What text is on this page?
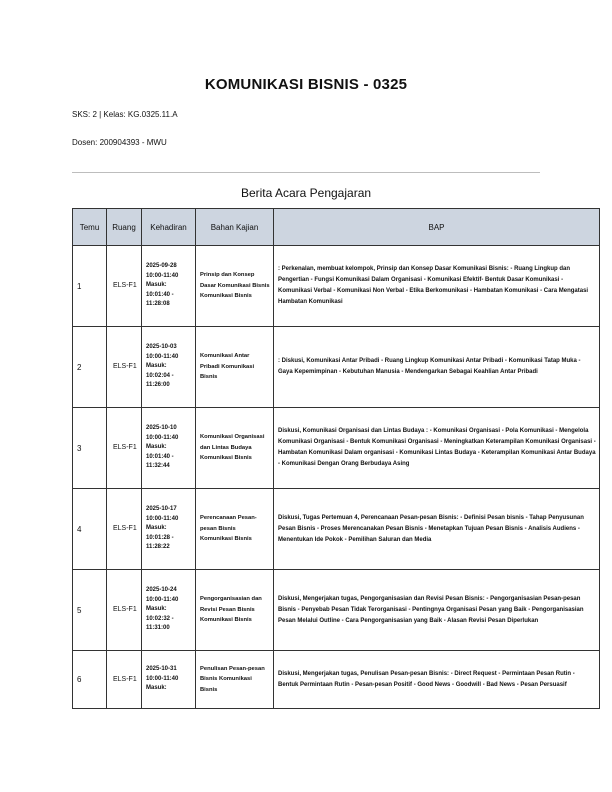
KOMUNIKASI BISNIS - 0325
SKS: 2 | Kelas: KG.0325.11.A
Dosen: 200904393 - MWU
Berita Acara Pengajaran
Temu	Ruang	Kehadiran	Bahan Kajian	BAP
1	ELS-F1	2025-09-28 10:00-11:40 Masuk: 10:01:40 - 11:28:08	Prinsip dan Konsep Dasar Komunikasi Bisnis Komunikasi Bisnis	: Perkenalan, membuat kelompok, Prinsip dan Konsep Dasar Komunikasi Bisnis: - Ruang Lingkup dan Pengertian - Fungsi Komunikasi Dalam Organisasi - Komunikasi Efektif- Bentuk Dasar Komunikasi - Komunikasi Verbal - Komunikasi Non Verbal - Etika Berkomunikasi - Hambatan Komunikasi - Cara Mengatasi Hambatan Komunikasi
2	ELS-F1	2025-10-03 10:00-11:40 Masuk: 10:02:04 - 11:26:00	Komunikasi Antar Pribadi Komunikasi Bisnis	: Diskusi, Komunikasi Antar Pribadi - Ruang Lingkup Komunikasi Antar Pribadi - Komunikasi Tatap Muka - Gaya Kepemimpinan - Kebutuhan Manusia - Mendengarkan Sebagai Keahlian Antar Pribadi
3	ELS-F1	2025-10-10 10:00-11:40 Masuk: 10:01:40 - 11:32:44	Komunikasi Organisasi dan Lintas Budaya Komunikasi Bisnis	Diskusi, Komunikasi Organisasi dan Lintas Budaya : - Komunikasi Organisasi - Pola Komunikasi - Mengelola Komunikasi Organisasi - Bentuk Komunikasi Organisasi - Meningkatkan Keterampilan Komunikasi Organisasi - Hambatan Komunikasi Dalam organisasi - Komunikasi Lintas Budaya - Keterampilan Komunikasi Antar Budaya - Komunikasi Dengan Orang Berbudaya Asing
4	ELS-F1	2025-10-17 10:00-11:40 Masuk: 10:01:28 - 11:28:22	Perencanaan Pesan-pesan Bisnis Komunikasi Bisnis	Diskusi, Tugas Pertemuan 4, Perencanaan Pesan-pesan Bisnis: - Definisi Pesan bisnis - Tahap Penyusunan Pesan Bisnis - Proses Merencanakan Pesan Bisnis - Menetapkan Tujuan Pesan Bisnis - Analisis Audiens - Menentukan Ide Pokok - Pemilihan Saluran dan Media
5	ELS-F1	2025-10-24 10:00-11:40 Masuk: 10:02:32 - 11:31:00	Pengorganisasian dan Revisi Pesan Bisnis Komunikasi Bisnis	Diskusi, Mengerjakan tugas, Pengorganisasian dan Revisi Pesan Bisnis: - Pengorganisasian Pesan-pesan Bisnis - Penyebab Pesan Tidak Terorganisasi - Pentingnya Organisasi Pesan yang Baik - Pengorganisasian Pesan Melalui Outline - Cara Pengorganisasian yang Baik - Alasan Revisi Pesan Diperlukan
6	ELS-F1	2025-10-31 10:00-11:40 Masuk:	Penulisan Pesan-pesan Bisnis Komunikasi Bisnis	Diskusi, Mengerjakan tugas, Penulisan Pesan-pesan Bisnis: - Direct Request - Permintaan Pesan Rutin - Bentuk Permintaan Rutin - Pesan-pesan Positif - Good News - Goodwill - Bad News - Pesan Persuasif
